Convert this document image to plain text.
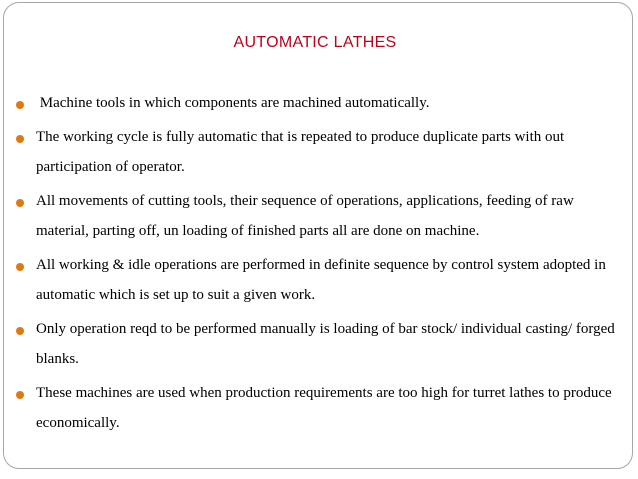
AUTOMATIC LATHES
Machine tools in which components are machined automatically.
The working cycle is fully automatic that is repeated to produce duplicate parts with out participation of operator.
All movements of cutting tools, their sequence of operations, applications, feeding of raw material, parting off, un loading of finished parts all are done on machine.
All working & idle operations are performed in definite sequence by control system adopted in automatic which is set up to suit a given work.
Only operation reqd to be performed manually is loading of bar stock/ individual casting/ forged blanks.
These machines are used when production requirements are too high for turret lathes to produce economically.
